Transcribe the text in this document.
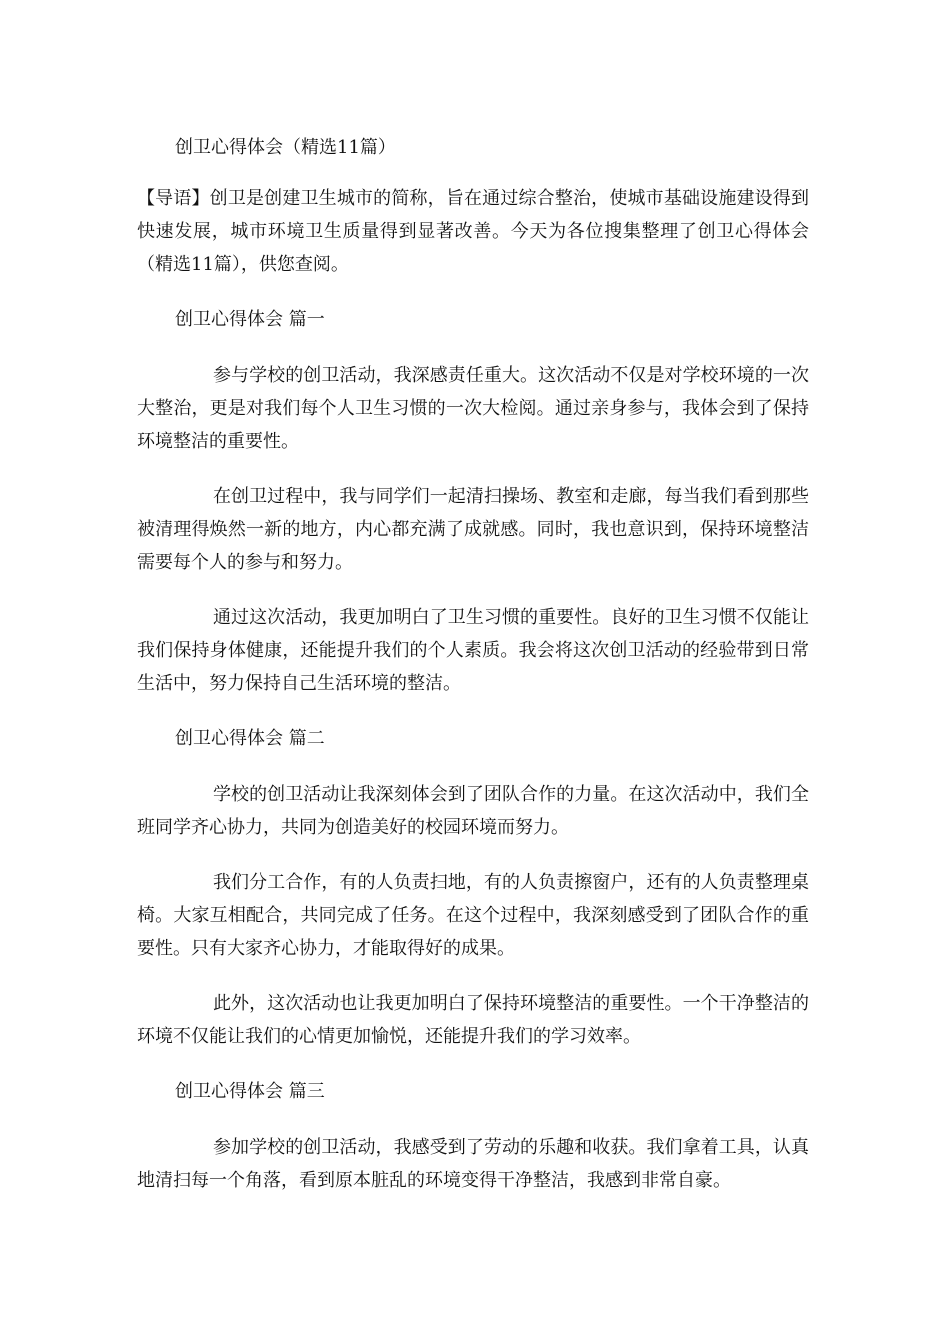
创卫心得体会（精选11篇）

【导语】创卫是创建卫生城市的简称，旨在通过综合整治，使城市基础设施建设得到快速发展，城市环境卫生质量得到显著改善。今天为各位搜集整理了创卫心得体会（精选11篇），供您查阅。

创卫心得体会 篇一

参与学校的创卫活动，我深感责任重大。这次活动不仅是对学校环境的一次大整治，更是对我们每个人卫生习惯的一次大检阅。通过亲身参与，我体会到了保持环境整洁的重要性。

在创卫过程中，我与同学们一起清扫操场、教室和走廊，每当我们看到那些被清理得焕然一新的地方，内心都充满了成就感。同时，我也意识到，保持环境整洁需要每个人的参与和努力。

通过这次活动，我更加明白了卫生习惯的重要性。良好的卫生习惯不仅能让我们保持身体健康，还能提升我们的个人素质。我会将这次创卫活动的经验带到日常生活中，努力保持自己生活环境的整洁。

创卫心得体会 篇二

学校的创卫活动让我深刻体会到了团队合作的力量。在这次活动中，我们全班同学齐心协力，共同为创造美好的校园环境而努力。

我们分工合作，有的人负责扫地，有的人负责擦窗户，还有的人负责整理桌椅。大家互相配合，共同完成了任务。在这个过程中，我深刻感受到了团队合作的重要性。只有大家齐心协力，才能取得好的成果。

此外，这次活动也让我更加明白了保持环境整洁的重要性。一个干净整洁的环境不仅能让我们的心情更加愉悦，还能提升我们的学习效率。

创卫心得体会 篇三

参加学校的创卫活动，我感受到了劳动的乐趣和收获。我们拿着工具，认真地清扫每一个角落，看到原本脏乱的环境变得干净整洁，我感到非常自豪。
